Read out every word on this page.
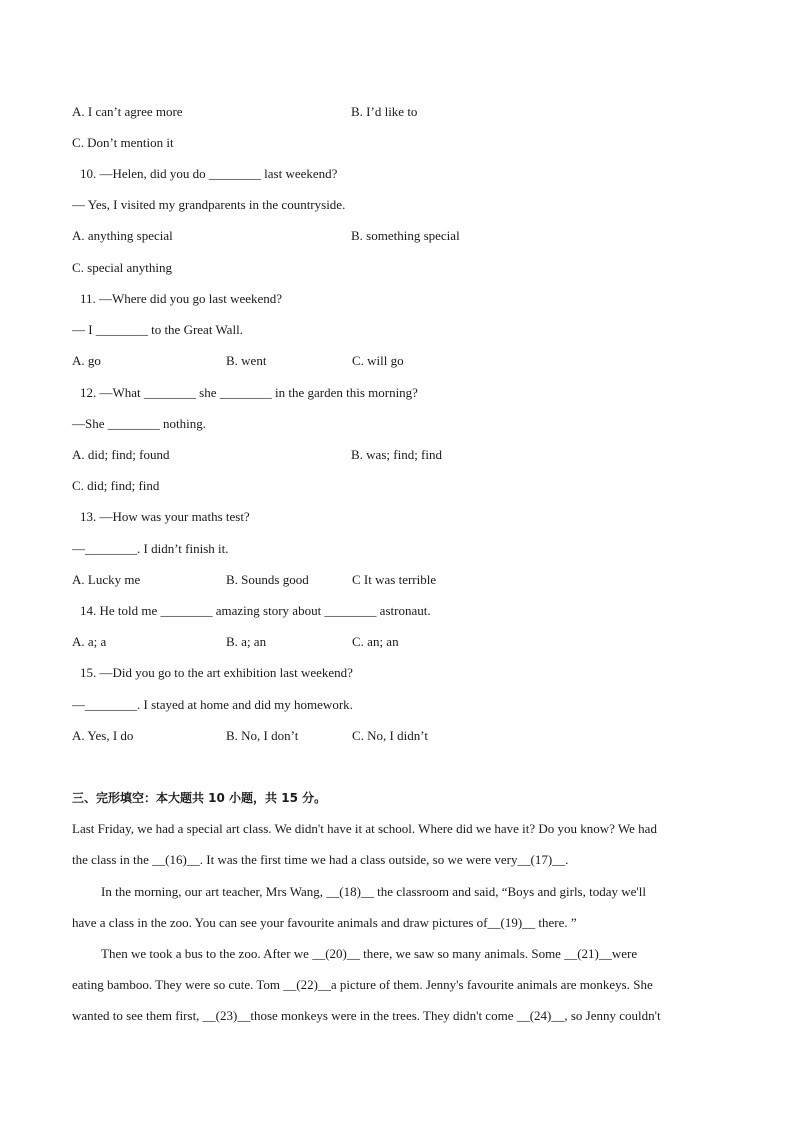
A. I can’t agree more	B. I’d like to
C. Don’t mention it
10. —Helen, did you do ________ last weekend?
— Yes, I visited my grandparents in the countryside.
A. anything special	B. something special
C. special anything
11. —Where did you go last weekend?
— I ________ to the Great Wall.
A. go	B. went	C. will go
12. —What ________ she ________ in the garden this morning?
—She ________ nothing.
A. did; find; found	B. was; find; find
C. did; find; find
13. —How was your maths test?
—________. I didn’t finish it.
A. Lucky me	B. Sounds good	C It was terrible
14. He told me ________ amazing story about ________ astronaut.
A. a; a	B. a; an	C. an; an
15. —Did you go to the art exhibition last weekend?
—________. I stayed at home and did my homework.
A. Yes, I do	B. No, I don’t	C. No, I didn’t
三、完形填空：本大题共 10 小题，共 15 分。
Last Friday, we had a special art class. We didn't have it at school. Where did we have it? Do you know? We had
the class in the __(16)__. It was the first time we had a class outside, so we were very__(17)__.
In the morning, our art teacher, Mrs Wang, __(18)__ the classroom and said, “Boys and girls, today we'll
have a class in the zoo. You can see your favourite animals and draw pictures of__(19)__ there. ”
Then we took a bus to the zoo. After we __(20)__ there, we saw so many animals. Some __(21)__were
eating bamboo. They were so cute. Tom __(22)__a picture of them. Jenny's favourite animals are monkeys. She
wanted to see them first, __(23)__those monkeys were in the trees. They didn't come __(24)__, so Jenny couldn't
